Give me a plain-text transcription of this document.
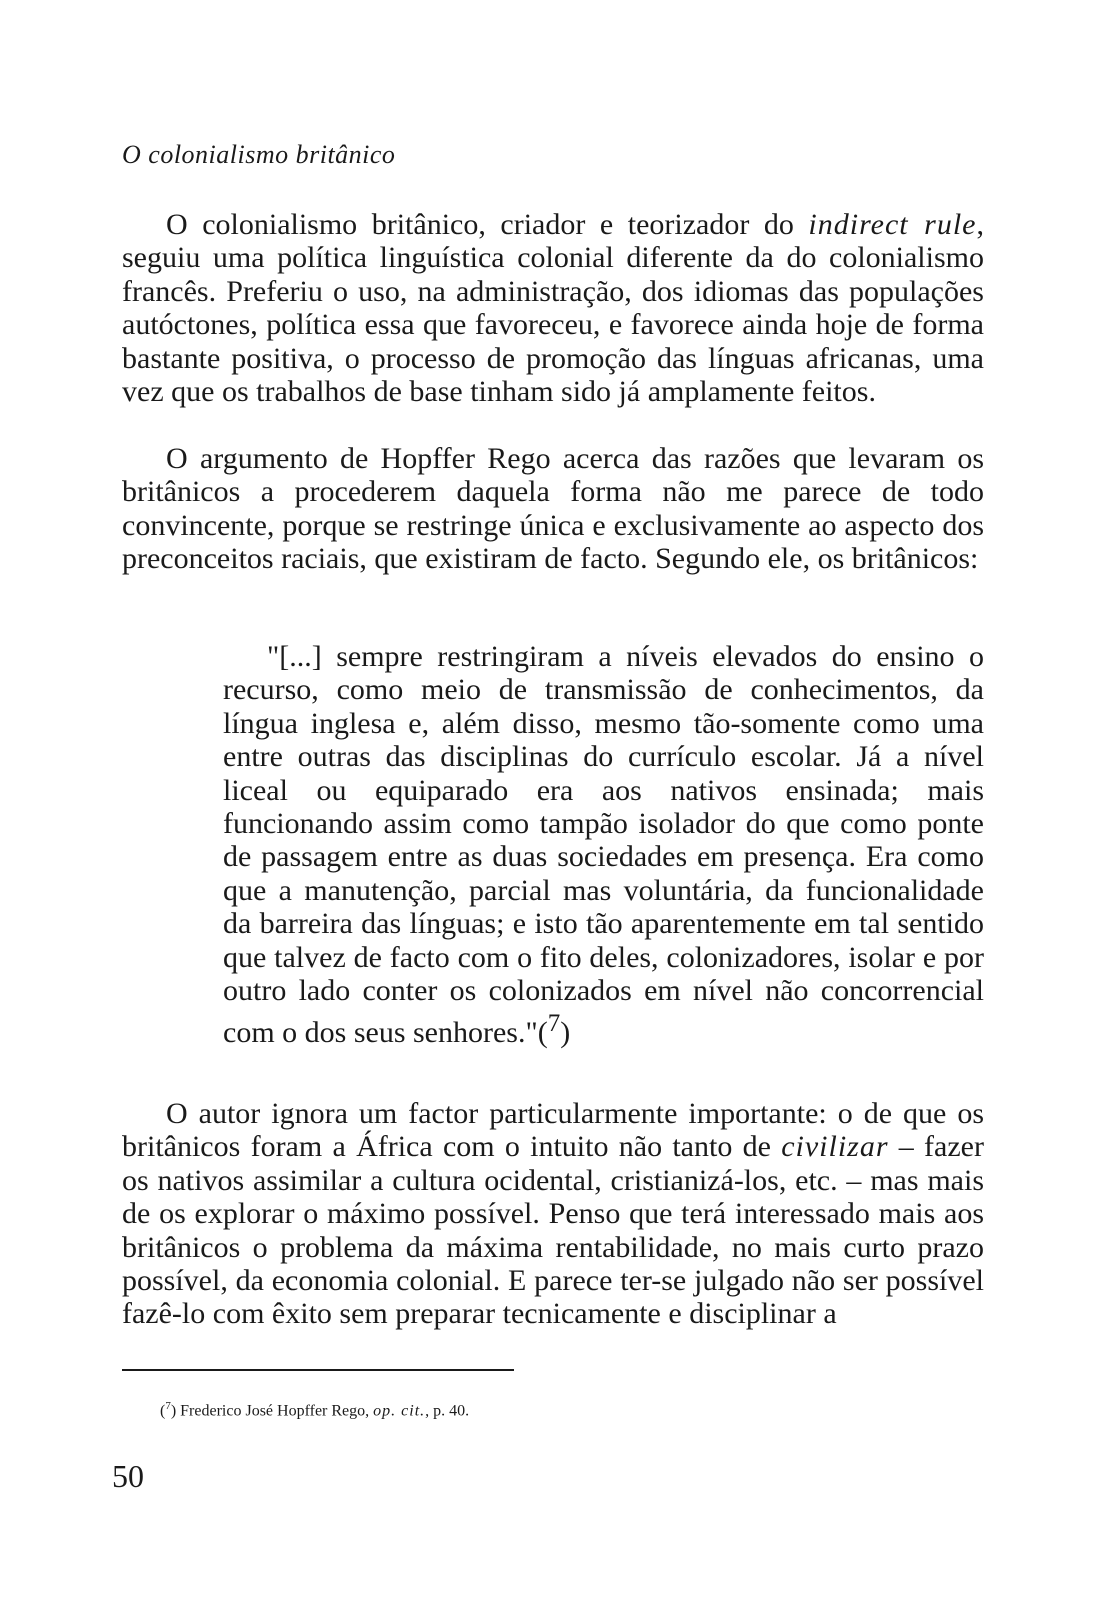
O colonialismo britânico

O colonialismo britânico, criador e teorizador do indirect rule, seguiu uma política linguística colonial diferente da do colonialismo francês. Preferiu o uso, na administração, dos idiomas das populações autóctones, política essa que favoreceu, e favorece ainda hoje de forma bastante positiva, o processo de promoção das línguas africanas, uma vez que os trabalhos de base tinham sido já amplamente feitos.

O argumento de Hopffer Rego acerca das razões que levaram os britânicos a procederem daquela forma não me parece de todo convincente, porque se restringe única e exclusivamente ao aspecto dos preconceitos raciais, que existiram de facto. Segundo ele, os britânicos:

"[...] sempre restringiram a níveis elevados do ensino o recurso, como meio de transmissão de conhecimentos, da língua inglesa e, além disso, mesmo tão-somente como uma entre outras das disciplinas do currículo escolar. Já a nível liceal ou equiparado era aos nativos ensinada; mais funcionando assim como tampão isolador do que como ponte de passagem entre as duas sociedades em presença. Era como que a manutenção, parcial mas voluntária, da funcionalidade da barreira das línguas; e isto tão aparentemente em tal sentido que talvez de facto com o fito deles, colonizadores, isolar e por outro lado conter os colonizados em nível não concorrencial com o dos seus senhores."($^7$)

O autor ignora um factor particularmente importante: o de que os britânicos foram a África com o intuito não tanto de civilizar – fazer os nativos assimilar a cultura ocidental, cristianizá-los, etc. – mas mais de os explorar o máximo possível. Penso que terá interessado mais aos britânicos o problema da máxima rentabilidade, no mais curto prazo possível, da economia colonial. E parece ter-se julgado não ser possível fazê-lo com êxito sem preparar tecnicamente e disciplinar a

($^7$) Frederico José Hopffer Rego, op. cit., p. 40.

50
